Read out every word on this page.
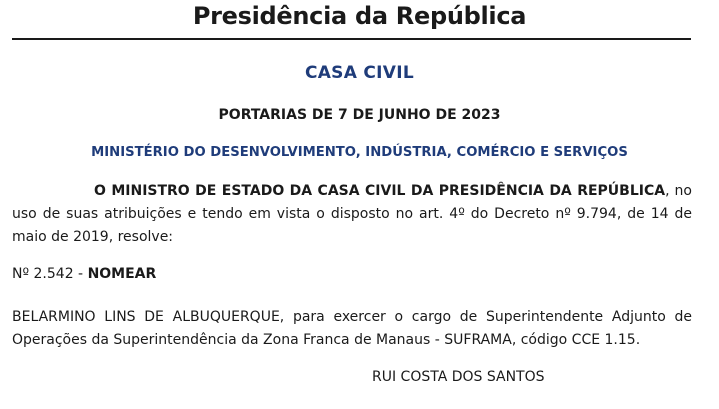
Presidência da República
CASA CIVIL
PORTARIAS DE 7 DE JUNHO DE 2023
MINISTÉRIO DO DESENVOLVIMENTO, INDÚSTRIA, COMÉRCIO E SERVIÇOS
O MINISTRO DE ESTADO DA CASA CIVIL DA PRESIDÊNCIA DA REPÚBLICA, no uso de suas atribuições e tendo em vista o disposto no art. 4º do Decreto nº 9.794, de 14 de maio de 2019, resolve:
Nº 2.542 - NOMEAR
BELARMINO LINS DE ALBUQUERQUE, para exercer o cargo de Superintendente Adjunto de Operações da Superintendência da Zona Franca de Manaus - SUFRAMA, código CCE 1.15.
RUI COSTA DOS SANTOS
